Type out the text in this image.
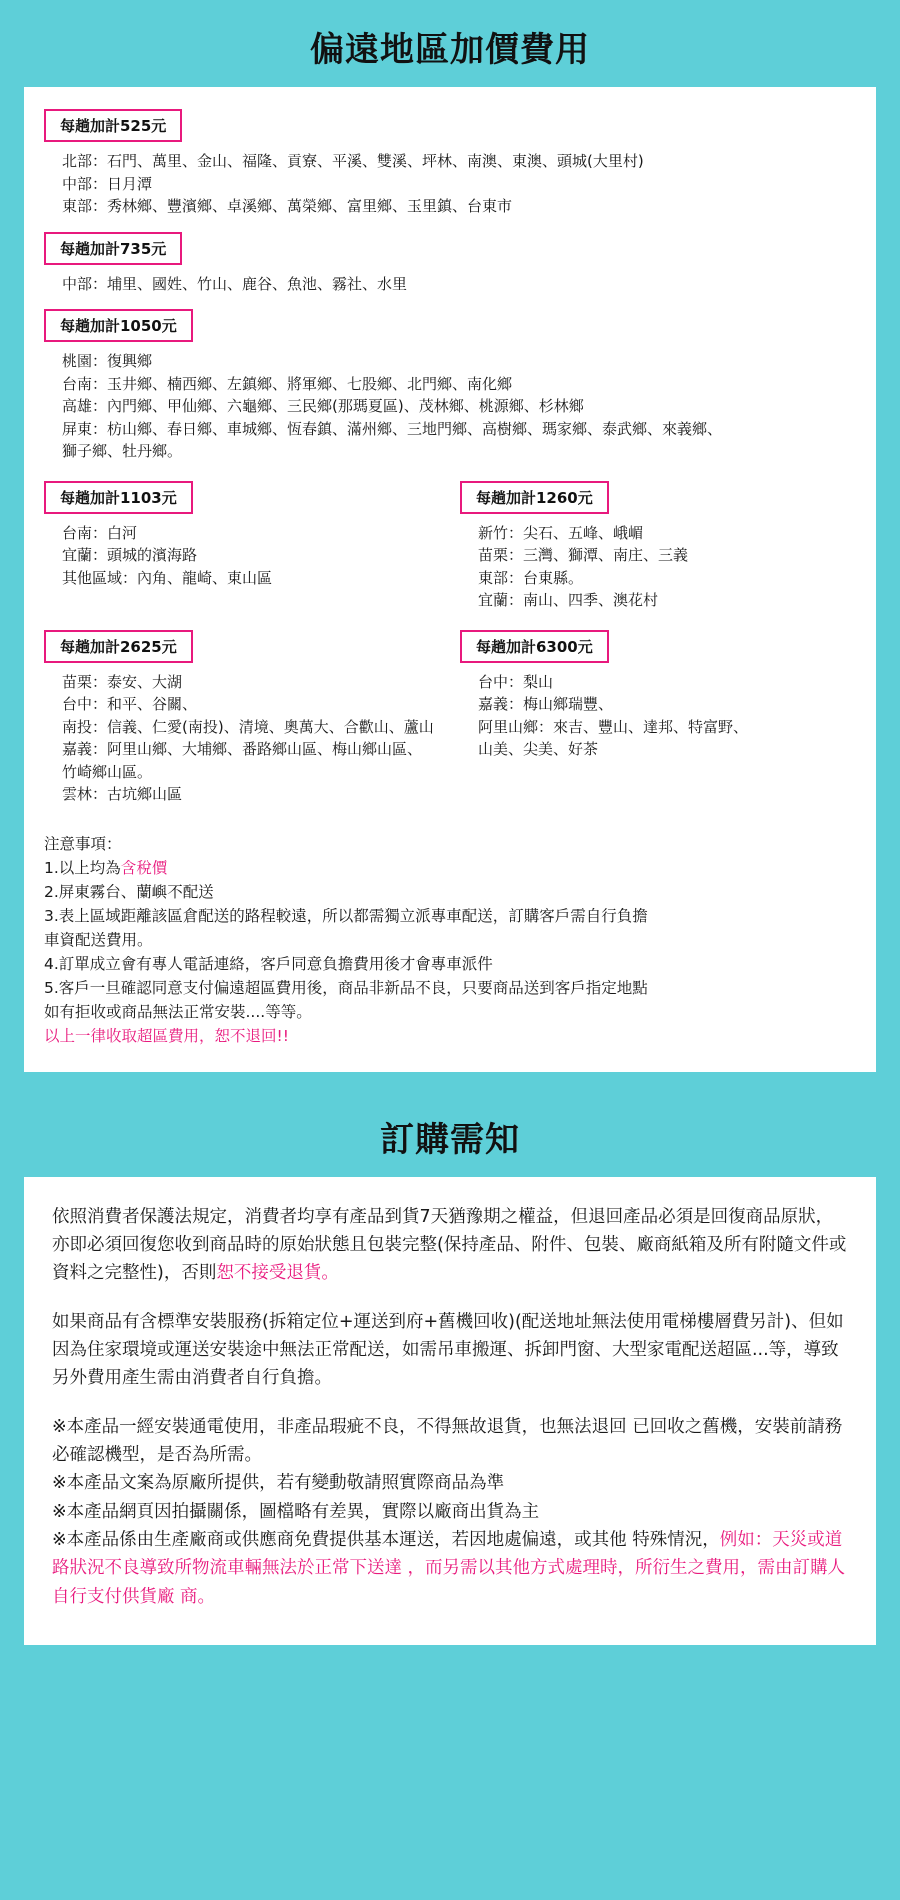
偏遠地區加價費用
每趟加計525元
北部：石門、萬里、金山、福隆、貢寮、平溪、雙溪、坪林、南澳、東澳、頭城(大里村)
中部：日月潭
東部：秀林鄉、豐濱鄉、卓溪鄉、萬榮鄉、富里鄉、玉里鎮、台東市
每趟加計735元
中部：埔里、國姓、竹山、鹿谷、魚池、霧社、水里
每趟加計1050元
桃園：復興鄉
台南：玉井鄉、楠西鄉、左鎮鄉、將軍鄉、七股鄉、北門鄉、南化鄉
高雄：內門鄉、甲仙鄉、六龜鄉、三民鄉(那瑪夏區)、茂林鄉、桃源鄉、杉林鄉
屏東：枋山鄉、春日鄉、車城鄉、恆春鎮、滿州鄉、三地門鄉、高樹鄉、瑪家鄉、泰武鄉、來義鄉、
獅子鄉、牡丹鄉。
每趟加計1103元
台南：白河
宜蘭：頭城的濱海路
其他區域：內角、龍崎、東山區
每趟加計1260元
新竹：尖石、五峰、峨嵋
苗栗：三灣、獅潭、南庄、三義
東部：台東縣。
宜蘭：南山、四季、澳花村
每趟加計2625元
苗栗：泰安、大湖
台中：和平、谷關、
南投：信義、仁愛(南投)、清境、奧萬大、合歡山、蘆山
嘉義：阿里山鄉、大埔鄉、番路鄉山區、梅山鄉山區、
竹崎鄉山區。
雲林：古坑鄉山區
每趟加計6300元
台中：梨山
嘉義：梅山鄉瑞豐、
阿里山鄉：來吉、豐山、達邦、特富野、
山美、尖美、好茶
注意事項：
1.以上均為含稅價
2.屏東霧台、蘭嶼不配送
3.表上區域距離該區倉配送的路程較遠，所以都需獨立派專車配送，訂購客戶需自行負擔
車資配送費用。
4.訂單成立會有專人電話連絡，客戶同意負擔費用後才會專車派件
5.客戶一旦確認同意支付偏遠超區費用後，商品非新品不良，只要商品送到客戶指定地點
如有拒收或商品無法正常安裝....等等。
以上一律收取超區費用，恕不退回!!
訂購需知

依照消費者保護法規定，消費者均享有產品到貨7天猶豫期之權益，但退回產品必須是回復商品原狀，亦即必須回復您收到商品時的原始狀態且包裝完整(保持產品、附件、包裝、廠商紙箱及所有附隨文件或資料之完整性)，否則恕不接受退貨。

如果商品有含標準安裝服務(拆箱定位+運送到府+舊機回收)(配送地址無法使用電梯樓層費另計)、但如因為住家環境或運送安裝途中無法正常配送，如需吊車搬運、拆卸門窗、大型家電配送超區...等，導致另外費用產生需由消費者自行負擔。

※本產品一經安裝通電使用，非產品瑕疵不良，不得無故退貨，也無法退回 已回收之舊機，安裝前請務必確認機型，是否為所需。

※本產品文案為原廠所提供，若有變動敬請照實際商品為準

※本產品網頁因拍攝關係，圖檔略有差異，實際以廠商出貨為主

※本產品係由生產廠商或供應商免費提供基本運送，若因地處偏遠，或其他 特殊情況，例如：天災或道路狀況不良導致所物流車輛無法於正常下送達 ，而另需以其他方式處理時，所衍生之費用，需由訂購人自行支付供貨廠 商。
